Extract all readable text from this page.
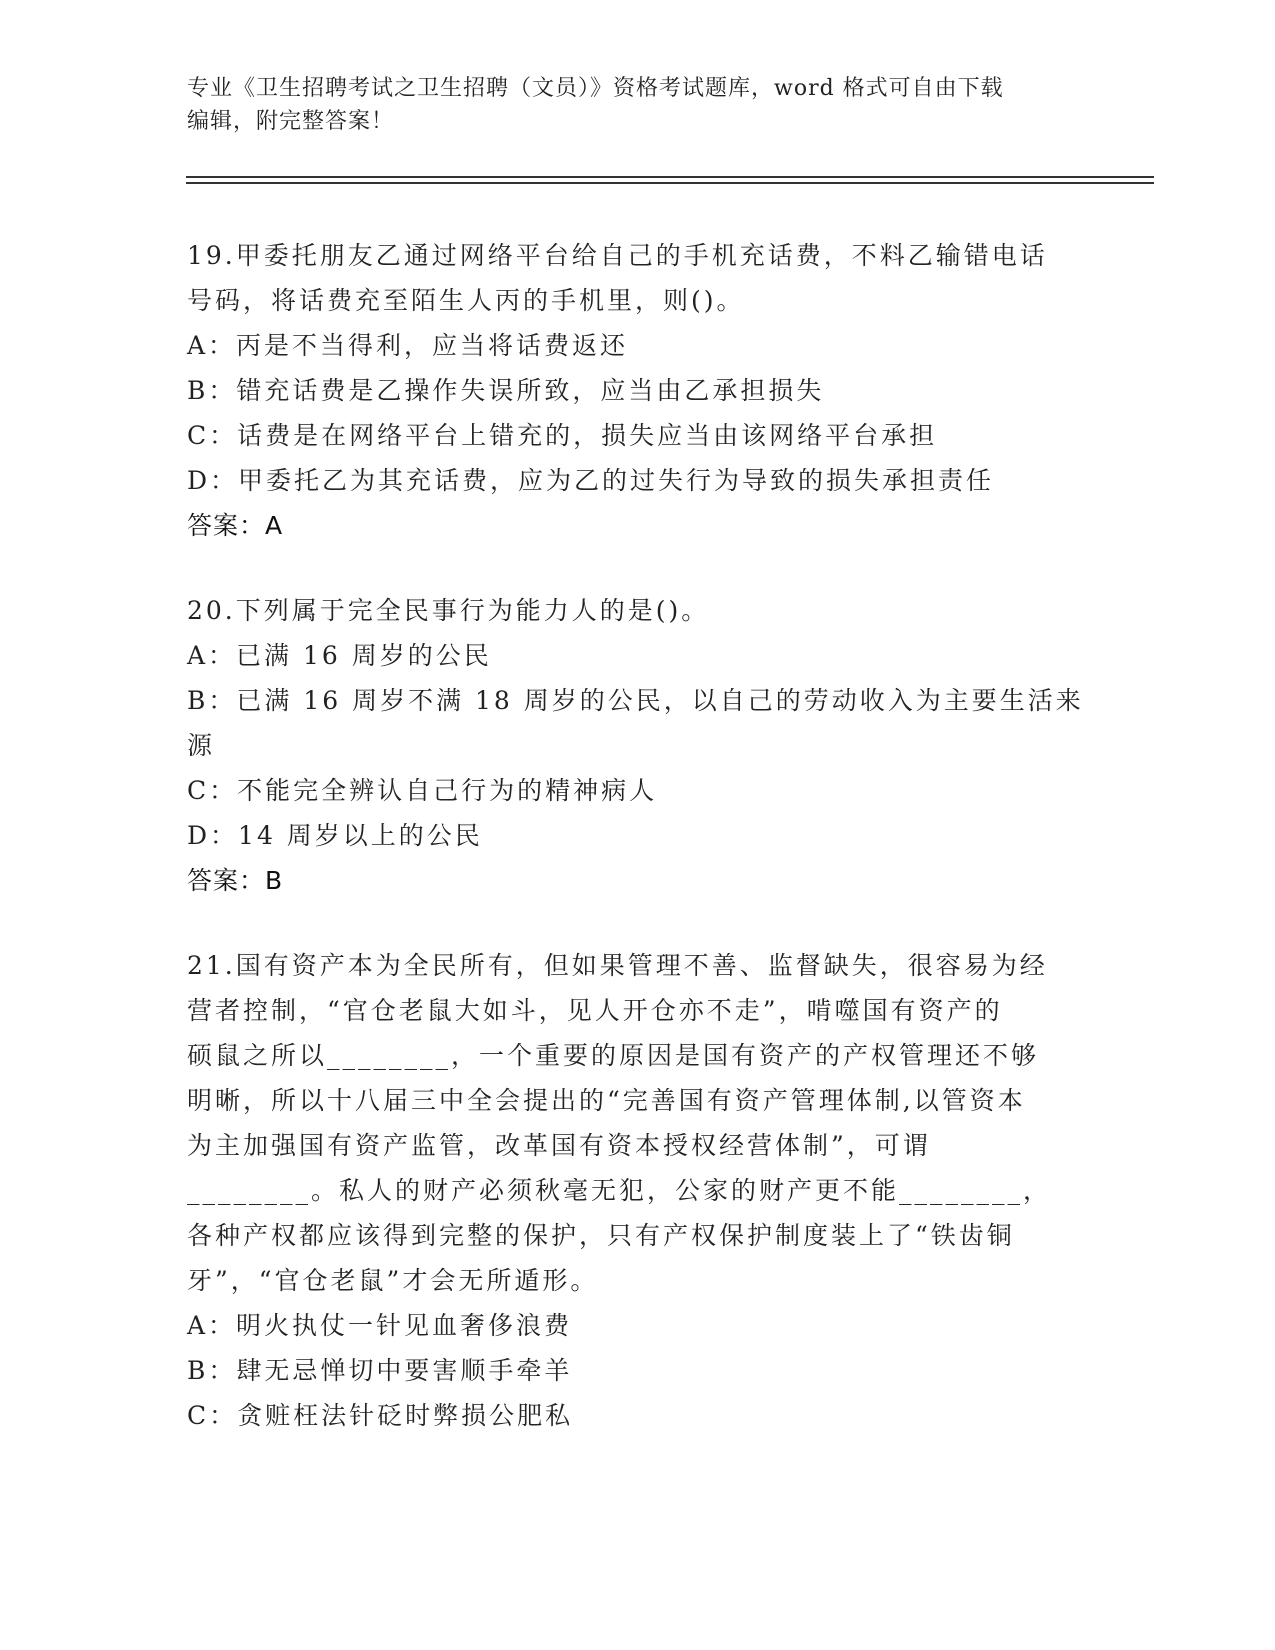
专业《卫生招聘考试之卫生招聘（文员）》资格考试题库，word 格式可自由下载
编辑，附完整答案！

19.甲委托朋友乙通过网络平台给自己的手机充话费，不料乙输错电话

号码，将话费充至陌生人丙的手机里，则()。

A：丙是不当得利，应当将话费返还

B：错充话费是乙操作失误所致，应当由乙承担损失

C：话费是在网络平台上错充的，损失应当由该网络平台承担

D：甲委托乙为其充话费，应为乙的过失行为导致的损失承担责任

答案：A

20.下列属于完全民事行为能力人的是()。

A：已满 16 周岁的公民

B：已满 16 周岁不满 18 周岁的公民，以自己的劳动收入为主要生活来

源

C：不能完全辨认自己行为的精神病人

D：14 周岁以上的公民

答案：B

21.国有资产本为全民所有，但如果管理不善、监督缺失，很容易为经

营者控制，“官仓老鼠大如斗，见人开仓亦不走”，啃噬国有资产的

硕鼠之所以________，一个重要的原因是国有资产的产权管理还不够

明晰，所以十八届三中全会提出的“完善国有资产管理体制,以管资本

为主加强国有资产监管，改革国有资本授权经营体制”，可谓

________。私人的财产必须秋毫无犯，公家的财产更不能________，

各种产权都应该得到完整的保护，只有产权保护制度装上了“铁齿铜

牙”，“官仓老鼠”才会无所遁形。

A：明火执仗一针见血奢侈浪费

B：肆无忌惮切中要害顺手牵羊

C：贪赃枉法针砭时弊损公肥私
